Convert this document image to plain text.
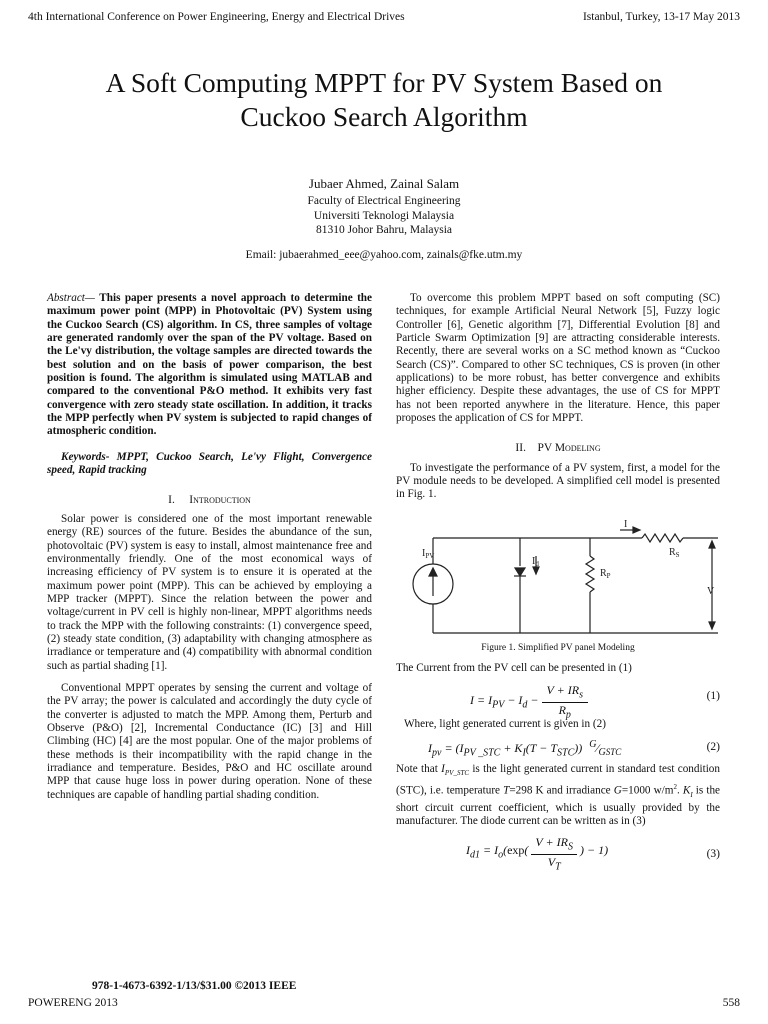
4th International Conference on Power Engineering, Energy and Electrical Drives	Istanbul, Turkey, 13-17 May 2013
A Soft Computing MPPT for PV System Based on
Cuckoo Search Algorithm
Jubaer Ahmed, Zainal Salam
Faculty of Electrical Engineering
Universiti Teknologi Malaysia
81310 Johor Bahru, Malaysia
Email: jubaerahmed_eee@yahoo.com, zainals@fke.utm.my

Abstract— This paper presents a novel approach to determine the maximum power point (MPP) in Photovoltaic (PV) System using the Cuckoo Search (CS) algorithm. In CS, three samples of voltage are generated randomly over the span of the PV voltage. Based on the Le'vy distribution, the voltage samples are directed towards the best solution and on the basis of power comparison, the best position is found. The algorithm is simulated using MATLAB and compared to the conventional P&O method. It exhibits very fast convergence with zero steady state oscillation. In addition, it tracks the MPP perfectly when PV system is subjected to rapid changes of atmospheric condition.

Keywords- MPPT, Cuckoo Search, Le'vy Flight, Convergence speed, Rapid tracking

I. Introduction

Solar power is considered one of the most important renewable energy (RE) sources of the future. Besides the abundance of the sun, photovoltaic (PV) system is easy to install, almost maintenance free and environmentally friendly. One of the most economical ways of increasing efficiency of PV system is to ensure it is operated at the maximum power point (MPP). This can be achieved by employing a MPP tracker (MPPT). Since the relation between the power and voltage/current in PV cell is highly non-linear, MPPT algorithms needs to track the MPP with the following constraints: (1) convergence speed, (2) steady state condition, (3) adaptability with changing atmosphere as irradiance or temperature and (4) compatibility with abnormal condition such as partial shading [1].

Conventional MPPT operates by sensing the current and voltage of the PV array; the power is calculated and accordingly the duty cycle of the converter is adjusted to match the MPP. Among them, Perturb and Observe (P&O) [2], Incremental Conductance (IC) [3] and Hill Climbing (HC) [4] are the most popular. One of the major problems of these methods is their incompatibility with the rapid change in the irradiance and temperature. Besides, P&O and HC oscillate around MPP that cause huge loss in power during operation. None of these techniques are capable of handling partial shading condition.

To overcome this problem MPPT based on soft computing (SC) techniques, for example Artificial Neural Network [5], Fuzzy logic Controller [6], Genetic algorithm [7], Differential Evolution [8] and Particle Swarm Optimization [9] are attracting considerable interests. Recently, there are several works on a SC method known as “Cuckoo Search (CS)”. Compared to other SC techniques, CS is proven (in other applications) to be more robust, has better convergence and exhibits higher efficiency. Despite these advantages, the use of CS for MPPT has not been reported anywhere in the literature. Hence, this paper proposes the application of CS for MPPT.

II. PV Modeling

To investigate the performance of a PV system, first, a model for the PV module needs to be developed. A simplified cell model is presented in Fig. 1.

$I_{PV}$	$I_d$
$R_P$
$R_S$
I
V
Figure 1. Simplified PV panel Modeling
The Current from the PV cell can be presented in (1)
$I = I_{PV} - I_d$ −
$V + IR_s$
$R_p$
(1)
Where, light generated current is given in (2)
$I_{pv} = (I_{PV \_STC} + K_I(T - T_{STC}))$ $^G⁄_{GSTC}$	(2)
Note that $I_{PV\_STC}$ is the light generated current in standard test condition (STC), i.e. temperature T=298 K and irradiance G=1000 $w/m^2$. $K_I$ is the short circuit current coefficient, which is usually provided by the manufacturer. The diode current can be written as in (3)
$I_{d1} = I_o(\exp$(
$V + IR_S$
$V_T$
) − 1)	(3)
978-1-4673-6392-1/13/$31.00 ©2013 IEEE
POWERENG 2013	558
